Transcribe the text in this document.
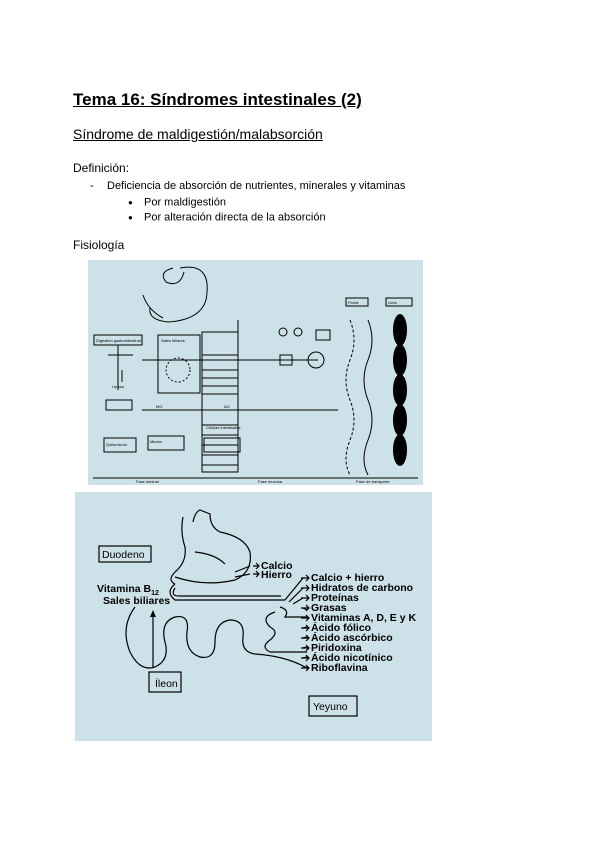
Tema 16: Síndromes intestinales (2)
Síndrome de maldigestión/malabsorción
Definición:
- Deficiencia de absorción de nutrientes, minerales y vitaminas
● Por maldigestión
● Por alteración directa de la absorción
Fisiología
Digestión gastrointestinal	Sales biliares
Células intestinales
Linfa
Portal
Micela
Quilomicrón
Lipasa
MG	AG
Fase luminal	Fase mucosa	Fase de transporte
Duodeno
Íleon
Yeyuno
Vitamina $B_{12}$
Sales biliares
Calcio
Hierro Calcio + hierro
Hidratos de carbono
Proteínas
Grasas
Vitaminas A, D, E y K
Ácido fólico
Ácido ascórbico
Piridoxina
Ácido nicotínico
Riboflavina
